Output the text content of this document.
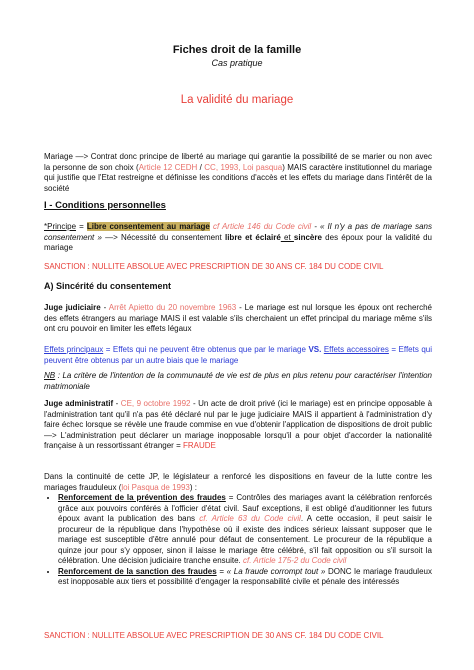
Fiches droit de la famille
Cas pratique
La validité du mariage

Mariage —> Contrat donc principe de liberté au mariage qui garantie la possibilité de se marier ou non avec la personne de son choix (Article 12 CEDH / CC, 1993, Loi pasqua) MAIS caractère institutionnel du mariage qui justifie que l'Etat restreigne et définisse les conditions d'accès et les effets du mariage dans l'intérêt de la société

I - Conditions personnelles

*Principe = Libre consentement au mariage cf Article 146 du Code civil - « Il n'y a pas de mariage sans consentement » —> Nécessité du consentement libre et éclairé et sincère des époux pour la validité du mariage

SANCTION : NULLITE ABSOLUE AVEC PRESCRIPTION DE 30 ANS CF. 184 DU CODE CIVIL

A) Sincérité du consentement

Juge judiciaire - Arrêt Apietto du 20 novembre 1963 - Le mariage est nul lorsque les époux ont recherché des effets étrangers au mariage MAIS il est valable s'ils cherchaient un effet principal du mariage même s'ils ont cru pouvoir en limiter les effets légaux

Effets principaux = Effets qui ne peuvent être obtenus que par le mariage VS. Effets accessoires = Effets qui peuvent être obtenus par un autre biais que le mariage

NB : La critère de l'intention de la communauté de vie est de plus en plus retenu pour caractériser l'intention matrimoniale

Juge administratif - CE, 9 octobre 1992 - Un acte de droit privé (ici le mariage) est en principe opposable à l'administration tant qu'il n'a pas été déclaré nul par le juge judiciaire MAIS il appartient à l'administration d'y faire échec lorsque se révèle une fraude commise en vue d'obtenir l'application de dispositions de droit public —> L'administration peut déclarer un mariage inopposable lorsqu'il a pour objet d'accorder la nationalité française à un ressortissant étranger = FRAUDE

Dans la continuité de cette JP, le législateur a renforcé les dispositions en faveur de la lutte contre les mariages frauduleux (loi Pasqua de 1993) :
• Renforcement de la prévention des fraudes = Contrôles des mariages avant la célébration renforcés grâce aux pouvoirs conférés à l'officier d'état civil. Sauf exceptions, il est obligé d'auditionner les futurs époux avant la publication des bans cf. Article 63 du Code civil. A cette occasion, il peut saisir le procureur de la république dans l'hypothèse où il existe des indices sérieux laissant supposer que le mariage est susceptible d'être annulé pour défaut de consentement. Le procureur de la république a quinze jour pour s'y opposer, sinon il laisse le mariage être célébré, s'il fait opposition ou s'il sursoit la célébration. Une décision judiciaire tranche ensuite. cf. Article 175-2 du Code civil
• Renforcement de la sanction des fraudes = « La fraude corrompt tout » DONC le mariage frauduleux est inopposable aux tiers et possibilité d'engager la responsabilité civile et pénale des intéressés

SANCTION : NULLITE ABSOLUE AVEC PRESCRIPTION DE 30 ANS CF. 184 DU CODE CIVIL
